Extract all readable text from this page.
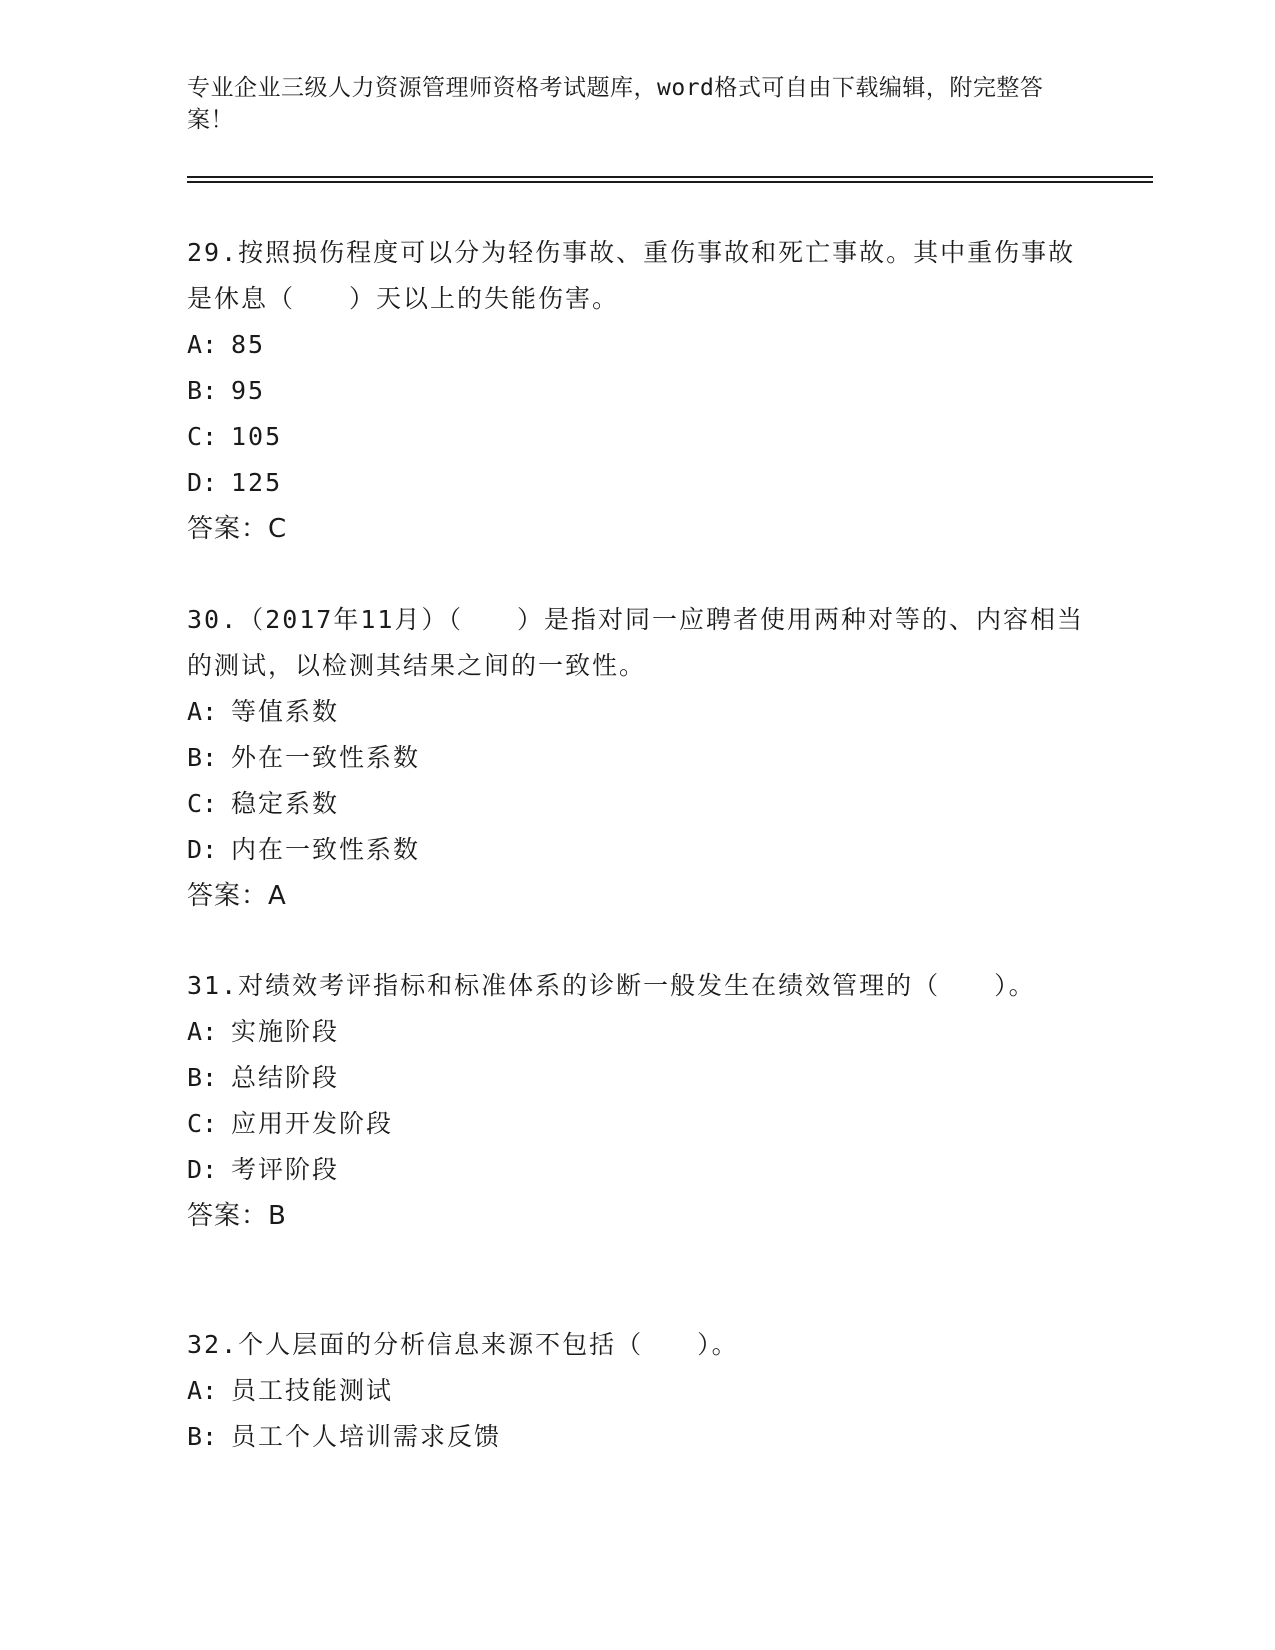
专业企业三级人力资源管理师资格考试题库，word格式可自由下载编辑，附完整答案！

29.按照损伤程度可以分为轻伤事故、重伤事故和死亡事故。其中重伤事故是休息（　　）天以上的失能伤害。

A: 85

B: 95

C: 105

D: 125

答案：C

30.（2017年11月）（　　）是指对同一应聘者使用两种对等的、内容相当的测试，以检测其结果之间的一致性。

A: 等值系数

B: 外在一致性系数

C: 稳定系数

D: 内在一致性系数

答案：A

31.对绩效考评指标和标准体系的诊断一般发生在绩效管理的（　　）。

A: 实施阶段

B: 总结阶段

C: 应用开发阶段

D: 考评阶段

答案：B

32.个人层面的分析信息来源不包括（　　）。

A: 员工技能测试

B: 员工个人培训需求反馈
